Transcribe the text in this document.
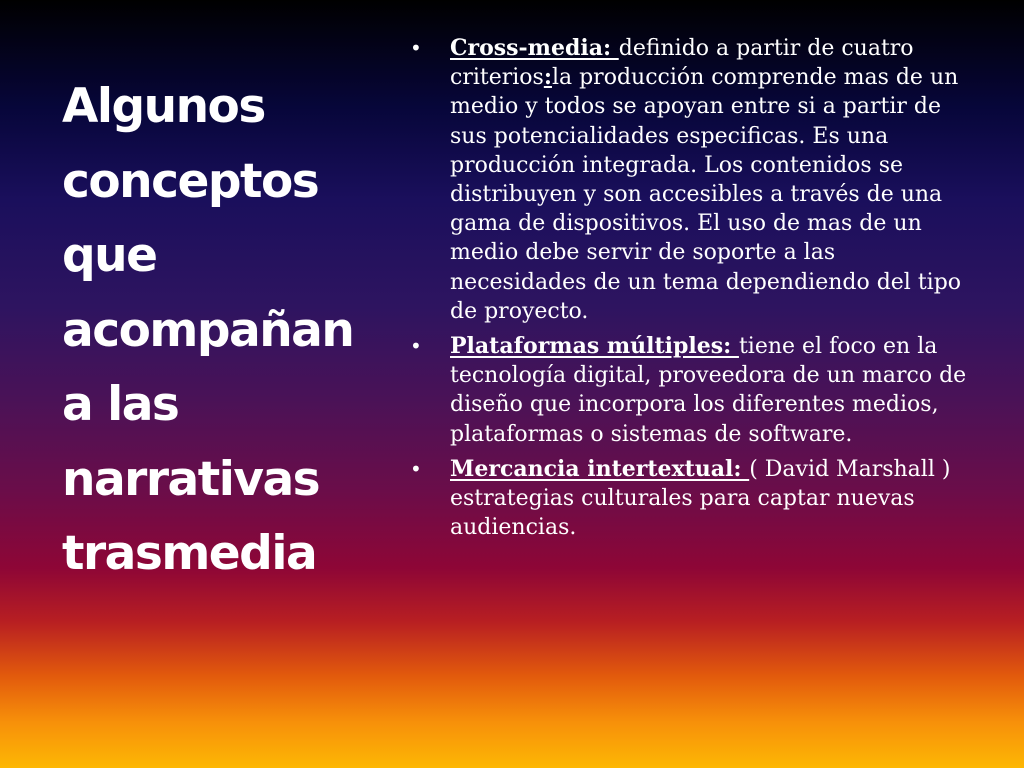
Algunos conceptos que acompañan a las narrativas trasmedia
• Cross-media: definido a partir de cuatro criterios:la producción comprende mas de un medio y todos se apoyan entre si a partir de sus potencialidades especificas. Es una producción integrada. Los contenidos se distribuyen y son accesibles a través de una gama de dispositivos. El uso de mas de un medio debe servir de soporte a las necesidades de un tema dependiendo del tipo de proyecto.
• Plataformas múltiples: tiene el foco en la tecnología digital, proveedora de un marco de diseño que incorpora los diferentes medios, plataformas o sistemas de software.
• Mercancia intertextual: ( David Marshall ) estrategias culturales para captar nuevas audiencias.
